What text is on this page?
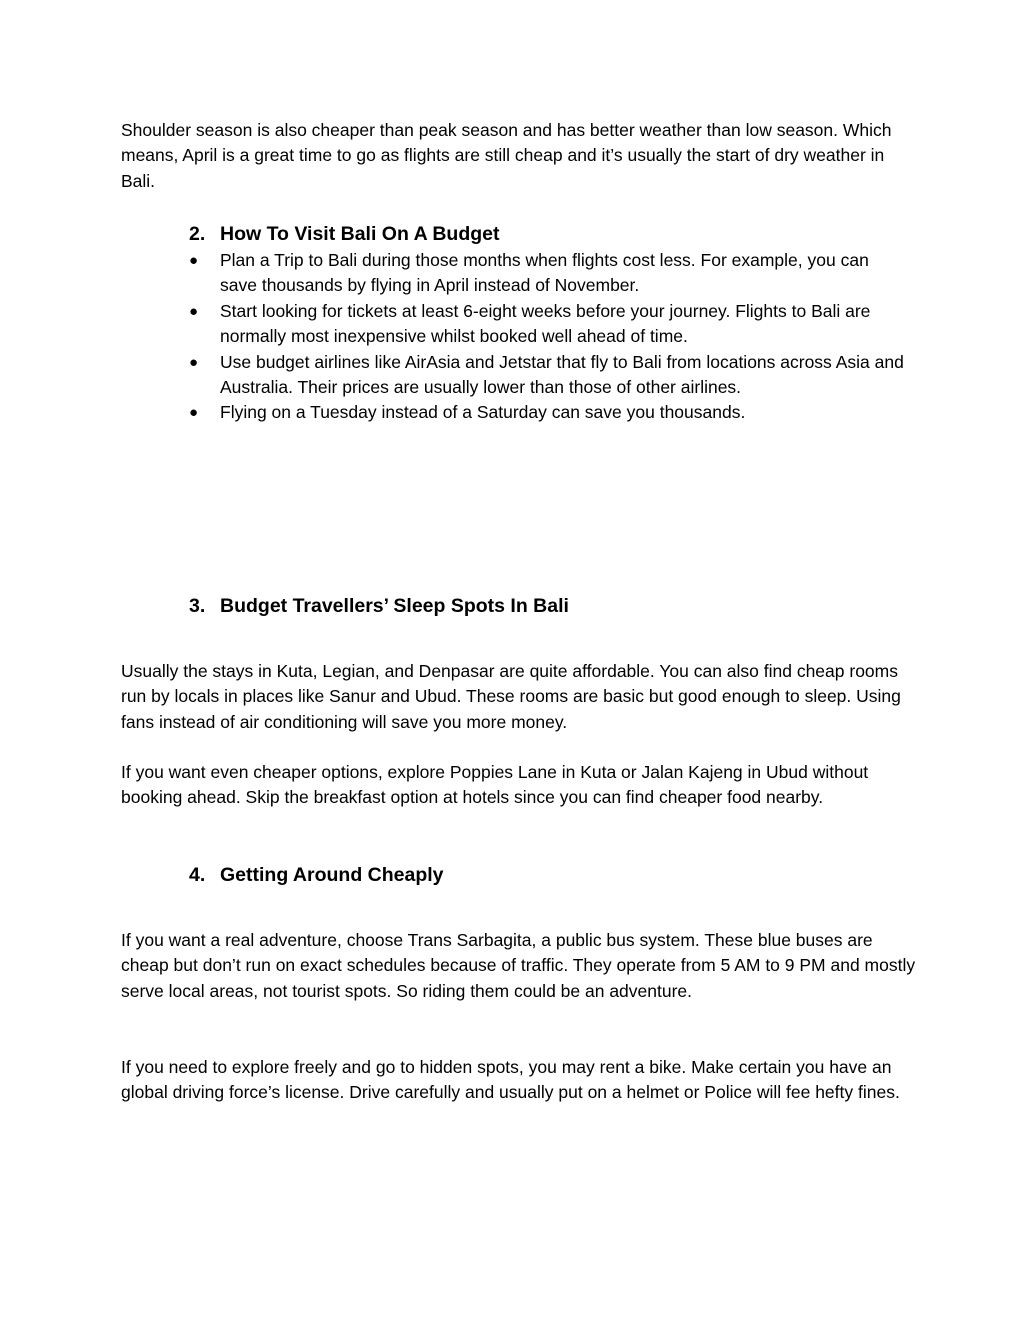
Shoulder season is also cheaper than peak season and has better weather than low season. Which means, April is a great time to go as flights are still cheap and it’s usually the start of dry weather in Bali.

2. How To Visit Bali On A Budget
●	Plan a Trip to Bali during those months when flights cost less. For example, you can save thousands by flying in April instead of November.
●	Start looking for tickets at least 6-eight weeks before your journey. Flights to Bali are normally most inexpensive whilst booked well ahead of time.
●	Use budget airlines like AirAsia and Jetstar that fly to Bali from locations across Asia and Australia. Their prices are usually lower than those of other airlines.
●	Flying on a Tuesday instead of a Saturday can save you thousands.
3. Budget Travellers’ Sleep Spots In Bali

Usually the stays in Kuta, Legian, and Denpasar are quite affordable. You can also find cheap rooms run by locals in places like Sanur and Ubud. These rooms are basic but good enough to sleep. Using fans instead of air conditioning will save you more money.

If you want even cheaper options, explore Poppies Lane in Kuta or Jalan Kajeng in Ubud without booking ahead. Skip the breakfast option at hotels since you can find cheaper food nearby.

4. Getting Around Cheaply

If you want a real adventure, choose Trans Sarbagita, a public bus system. These blue buses are cheap but don’t run on exact schedules because of traffic. They operate from 5 AM to 9 PM and mostly serve local areas, not tourist spots. So riding them could be an adventure.

If you need to explore freely and go to hidden spots, you may rent a bike. Make certain you have an global driving force’s license. Drive carefully and usually put on a helmet or Police will fee hefty fines.
